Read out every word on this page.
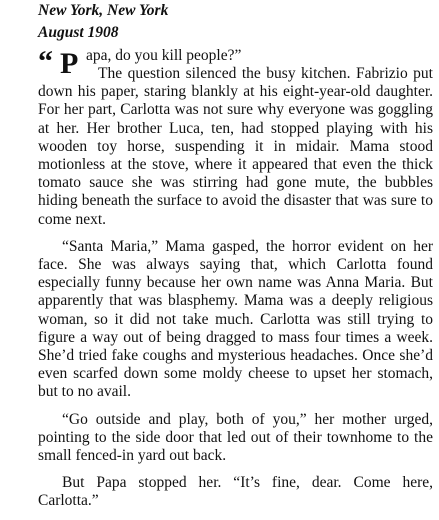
New York, New York

August 1908

“ P apa, do you kill people?”

The question silenced the busy kitchen. Fabrizio put down his paper, staring blankly at his eight-year-old daughter. For her part, Carlotta was not sure why everyone was goggling at her. Her brother Luca, ten, had stopped playing with his wooden toy horse, suspending it in midair. Mama stood motionless at the stove, where it appeared that even the thick tomato sauce she was stirring had gone mute, the bubbles hiding beneath the surface to avoid the disaster that was sure to come next.

“Santa Maria,” Mama gasped, the horror evident on her face. She was always saying that, which Carlotta found especially funny because her own name was Anna Maria. But apparently that was blasphemy. Mama was a deeply religious woman, so it did not take much. Carlotta was still trying to figure a way out of being dragged to mass four times a week. She’d tried fake coughs and mysterious headaches. Once she’d even scarfed down some moldy cheese to upset her stomach, but to no avail.

“Go outside and play, both of you,” her mother urged, pointing to the side door that led out of their townhome to the small fenced-in yard out back.

But Papa stopped her. “It’s fine, dear. Come here, Carlotta.”
